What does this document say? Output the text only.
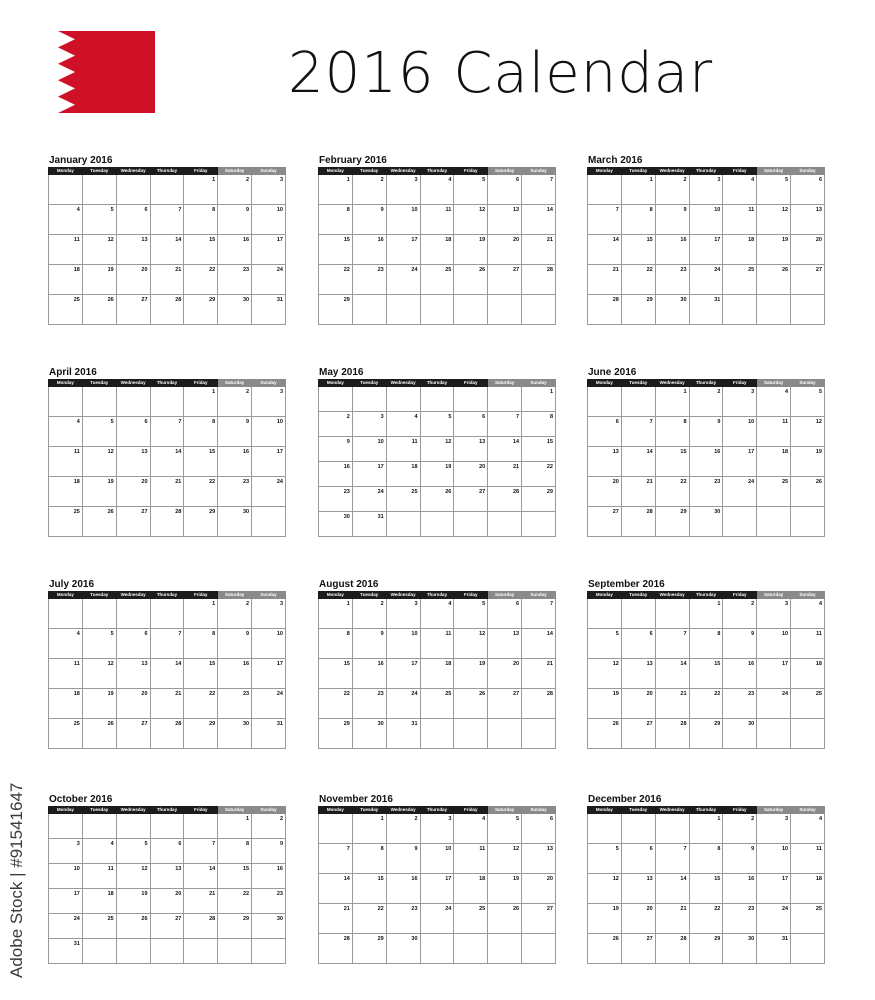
2016 Calendar
January 2016
Monday	Tuesday	Wednesday	Thursday	Friday	Saturday	Sunday
				1	2	3
4	5	6	7	8	9	10
11	12	13	14	15	16	17
18	19	20	21	22	23	24
25	26	27	28	29	30	31
February 2016
Monday	Tuesday	Wednesday	Thursday	Friday	Saturday	Sunday
1	2	3	4	5	6	7
8	9	10	11	12	13	14
15	16	17	18	19	20	21
22	23	24	25	26	27	28
29						
March 2016
Monday	Tuesday	Wednesday	Thursday	Friday	Saturday	Sunday
	1	2	3	4	5	6
7	8	9	10	11	12	13
14	15	16	17	18	19	20
21	22	23	24	25	26	27
28	29	30	31			
April 2016
Monday	Tuesday	Wednesday	Thursday	Friday	Saturday	Sunday
				1	2	3
4	5	6	7	8	9	10
11	12	13	14	15	16	17
18	19	20	21	22	23	24
25	26	27	28	29	30	
May 2016
Monday	Tuesday	Wednesday	Thursday	Friday	Saturday	Sunday
						1
2	3	4	5	6	7	8
9	10	11	12	13	14	15
16	17	18	19	20	21	22
23	24	25	26	27	28	29
30	31					
June 2016
Monday	Tuesday	Wednesday	Thursday	Friday	Saturday	Sunday
		1	2	3	4	5
6	7	8	9	10	11	12
13	14	15	16	17	18	19
20	21	22	23	24	25	26
27	28	29	30			
July 2016
Monday	Tuesday	Wednesday	Thursday	Friday	Saturday	Sunday
				1	2	3
4	5	6	7	8	9	10
11	12	13	14	15	16	17
18	19	20	21	22	23	24
25	26	27	28	29	30	31
August 2016
Monday	Tuesday	Wednesday	Thursday	Friday	Saturday	Sunday
1	2	3	4	5	6	7
8	9	10	11	12	13	14
15	16	17	18	19	20	21
22	23	24	25	26	27	28
29	30	31				
September 2016
Monday	Tuesday	Wednesday	Thursday	Friday	Saturday	Sunday
			1	2	3	4
5	6	7	8	9	10	11
12	13	14	15	16	17	18
19	20	21	22	23	24	25
26	27	28	29	30		
October 2016
Monday	Tuesday	Wednesday	Thursday	Friday	Saturday	Sunday
					1	2
3	4	5	6	7	8	9
10	11	12	13	14	15	16
17	18	19	20	21	22	23
24	25	26	27	28	29	30
31						
November 2016
Monday	Tuesday	Wednesday	Thursday	Friday	Saturday	Sunday
	1	2	3	4	5	6
7	8	9	10	11	12	13
14	15	16	17	18	19	20
21	22	23	24	25	26	27
28	29	30				
December 2016
Monday	Tuesday	Wednesday	Thursday	Friday	Saturday	Sunday
			1	2	3	4
5	6	7	8	9	10	11
12	13	14	15	16	17	18
19	20	21	22	23	24	25
26	27	28	29	30	31	
Adobe Stock | #91541647
